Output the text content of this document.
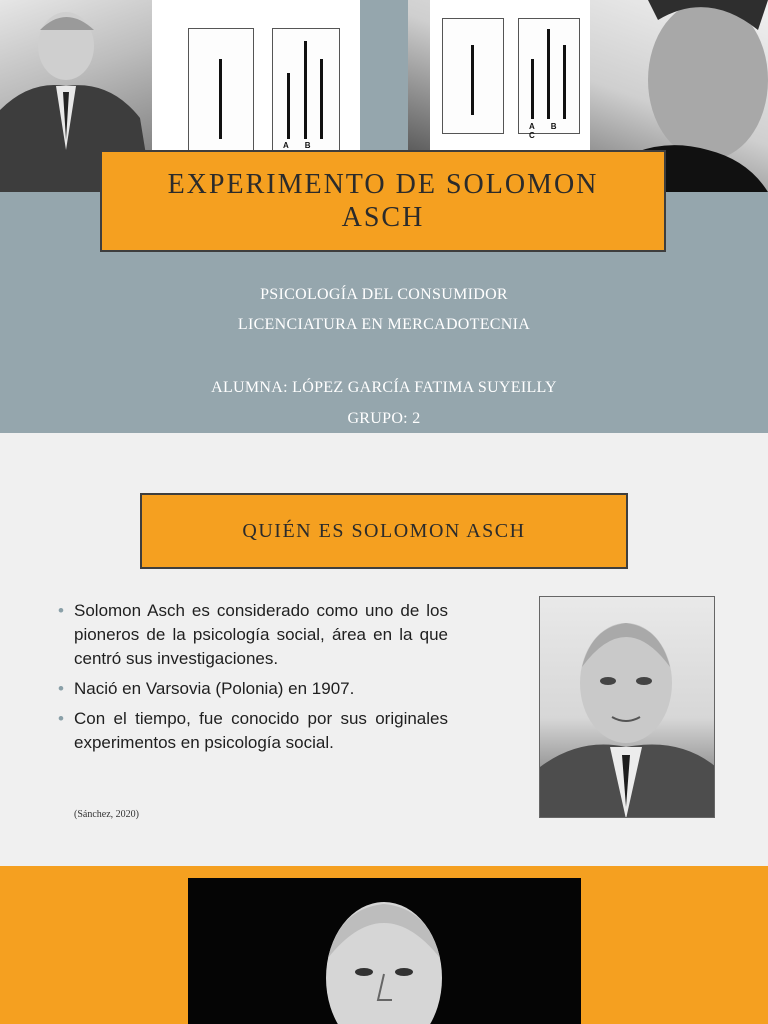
A B
A B C
EXPERIMENTO DE SOLOMON ASCH
PSICOLOGÍA DEL CONSUMIDOR
LICENCIATURA EN MERCADOTECNIA
ALUMNA: LÓPEZ GARCÍA FATIMA SUYEILLY
GRUPO: 2
QUIÉN ES SOLOMON ASCH
• Solomon Asch es considerado como uno de los pioneros de la psicología social, área en la que centró sus investigaciones.
• Nació en Varsovia (Polonia) en 1907.
• Con el tiempo, fue conocido por sus originales experimentos en psicología social.
(Sánchez, 2020)
